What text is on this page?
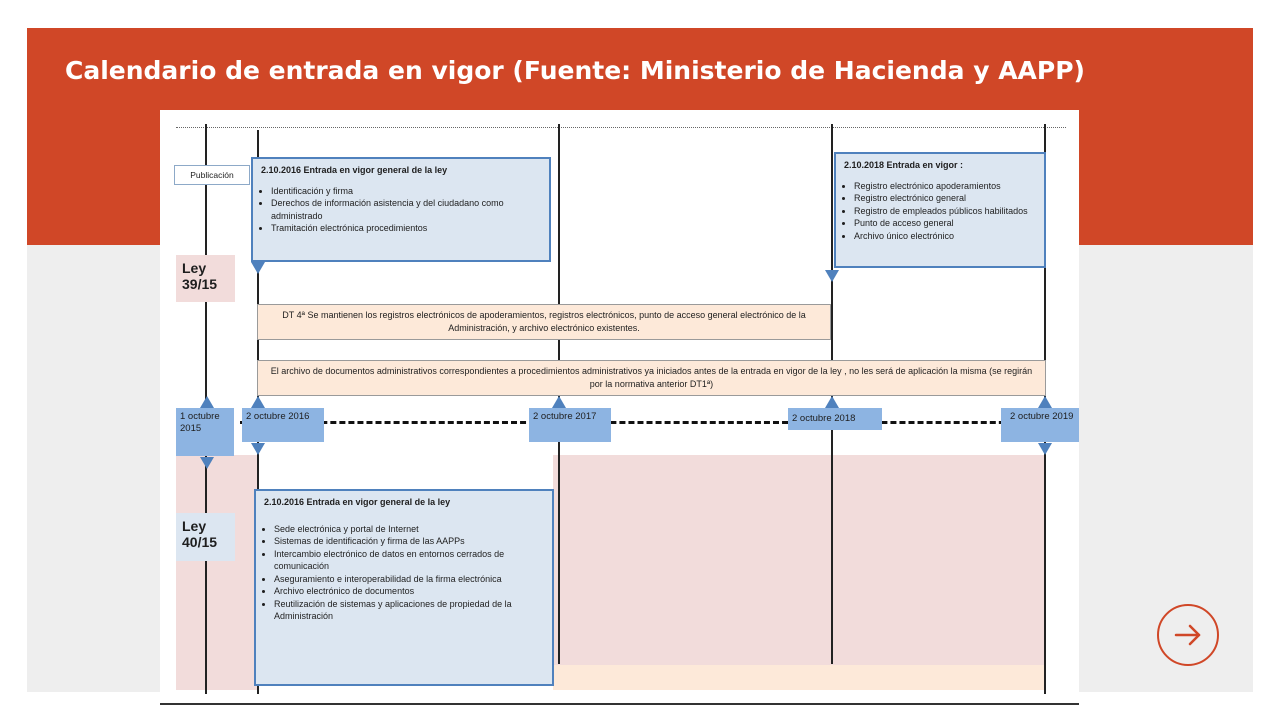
Calendario de entrada en vigor (Fuente: Ministerio de Hacienda y AAPP)
Publicación
Ley
39/15
2.10.2016 Entrada en vigor general de la ley
• Identificación y firma
• Derechos de información asistencia y del ciudadano como administrado
• Tramitación electrónica procedimientos
2.10.2018 Entrada en vigor :
• Registro electrónico apoderamientos
• Registro electrónico general
• Registro de empleados públicos habilitados
• Punto de acceso general
• Archivo único electrónico
DT 4ª Se mantienen los registros electrónicos de apoderamientos, registros electrónicos, punto de acceso general electrónico de la Administración, y archivo electrónico existentes.
El archivo de documentos administrativos correspondientes a procedimientos administrativos ya iniciados antes de la entrada en vigor de la ley , no les será de aplicación la misma (se regirán por la normativa anterior DT1ª)
1 octubre 2015
2 octubre 2016	2 octubre 2017	2 octubre 2018	2 octubre 2019
Ley
40/15
2.10.2016 Entrada en vigor general de la ley
• Sede electrónica y portal de Internet
• Sistemas de identificación y firma de las AAPPs
• Intercambio electrónico de datos en entornos cerrados de comunicación
• Aseguramiento e interoperabilidad de la firma electrónica
• Archivo electrónico de documentos
• Reutilización de sistemas y aplicaciones de propiedad de la Administración
